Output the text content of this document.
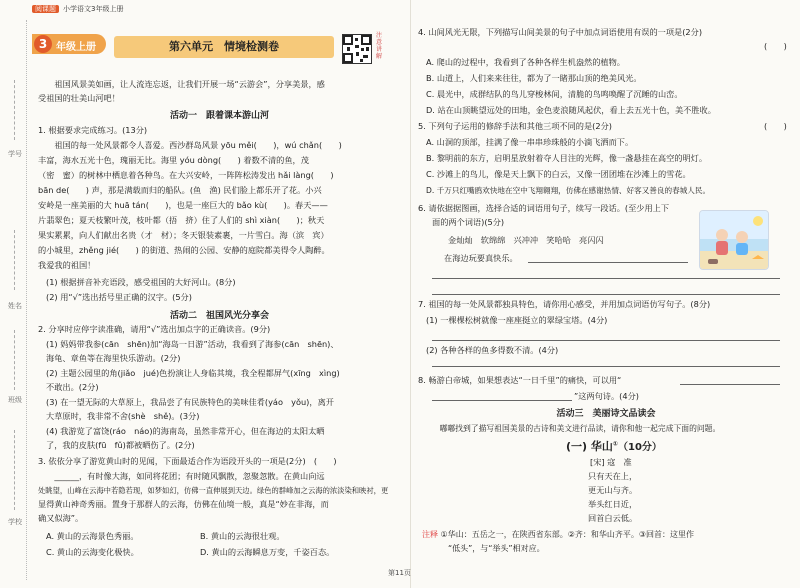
学号
姓名
班级
学校
阅课题 小学语文3年级上册
3 年级上册	第六单元　情境检测卷
注意讲解
　　祖国风景美如画，让人流连忘返，让我们开展一场“云游会”，分享美景，感
受祖国的壮美山河吧！
活动一　跟着课本游山河
1. 根据要求完成练习。(13分)
　　祖国的每一处风景都令人喜爱。西沙群岛风景 yōu měi(　　)，wú chǎn(　　)
丰富，海水五光十色，瑰丽无比。海里 yóu dòng(　　) 着数不清的鱼，茂
（密　蜜）的树林中栖息着各种鸟。在大兴安岭，一阵阵松涛发出 hǎi làng(　　)
bān de(　　) 声，那是满载而归的船队。(鱼　渔) 民们脸上都乐开了花。小兴
安岭是一座美丽的大 huā tán(　　)，也是一座巨大的 bǎo kù(　　)。春天——
片翡翠色；夏天枝繁叶茂，枝叶都（捂　挤）住了人们的 shì xiàn(　　)；秋天
果实累累，向人们献出名贵（才　材）；冬天银装素裹，一片雪白。海（滨　宾）
的小城里，zhěng jié(　　) 的街道、热闹的公园、安静的庭院都美得令人陶醉。
我爱我的祖国！
(1) 根据拼音补充语段，感受祖国的大好河山。(8分)
(2) 用“√”选出括号里正确的汉字。(5分)
活动二　祖国风光分享会
2. 分享时应停字读准确，请用“√”选出加点字的正确读音。(9分)
(1) 妈妈带我参(cān　shēn)加“海岛一日游”活动，我看到了海参(cān　shēn)、
海龟、章鱼等在海里快乐游动。(2分)
(2) 主题公园里的角(jiǎo　jué)色扮演让人身临其境，我全程都屏气(xīng　xìng)
不敢出。(2分)
(3) 在一望无际的大草原上，我品尝了有民族特色的美味佳肴(yáo　yǒu)，离开
大草原时，我非常不舍(shè　shě)。(3分)
(4) 我游览了富饶(ráo　náo)的海南岛，虽然非常开心，但在海边的太阳太晒
了，我的皮肤(fū　fǔ)都被晒伤了。(2分)
3. 依依分享了游览黄山时的见闻，下面最适合作为语段开头的一项是(2分)　(　　)
　　______，有时像大海，如同将花团；有时随风飘散，忽聚忽散。在黄山向远
处眺望，山峰在云海中若隐若现，如梦如幻，仿佛一直伸展到天边。绿色的群峰加之云海的浓淡染和映衬，更
显得黄山神奇秀丽。置身于那群人的云海，仿佛在仙境一般，真是“妙在非海，而
确又似海”。
A. 黄山的云海景色秀丽。	B. 黄山的云海很壮观。
C. 黄山的云海变化极快。	D. 黄山的云海瞬息万变，千姿百态。
4. 山间风光无限，下列描写山间美景的句子中加点词语使用有误的一项是(2分)
(　　)
A. 爬山的过程中，我看到了各种各样生机盎然的植物。
B. 山道上，人们来来往往，都为了一睹那山顶的绝美风光。
C. 晨光中，成群结队的鸟儿穿梭林间，清脆的鸟鸣唤醒了沉睡的山峦。
D. 站在山顶眺望远处的田地，金色麦浪随风起伏，看上去五光十色，美不胜收。
5. 下列句子运用的修辞手法和其他三项不同的是(2分)	(　　)
A. 山洞的顶部，挂满了像一串串珍珠般的小滴飞洒而下。
B. 黎明前的东方，启明星放射着夺人目注的光辉，像一盏悬挂在高空的明灯。
C. 沙滩上的鸟儿，像是天上飘下的白云，又像一团团堆在沙滩上的雪花。
D. 千万只红嘴鸥欢快地在空中飞翔翱翔，仿佛在感谢热情、好客又善良的春城人民。
6. 请依据据图画，选择合适的词语用句子，续写一段话。(至少用上下
面的两个词语)(5分)
金灿灿　软绵绵　兴冲冲　笑哈哈　亮闪闪
在海边玩要真快乐。
7. 祖国的每一处风景都独具特色，请你用心感受，并用加点词语仿写句子。(8分)
(1) 一棵棵松树就像一座座挺立的翠绿宝塔。(4分)
(2) 各种各样的鱼多得数不清。(4分)
8. 畅游白帝城，如果想表达“一日千里”的痛快，可以用“
”这两句诗。(4分)
活动三　美丽诗文品读会
　　嘟嘟找到了描写祖国美景的古诗和美文进行品读，请你和他一起完成下面的问题。
(一) 华山①（10分）
[宋] 寇　准
只有天在上，
更无山与齐。
举头红日近，
回首白云低。
注释 ①华山：五岳之一，在陕西省东部。②齐：和华山齐平。③回首：这里作
“低头”，与“举头”相对应。
第11页
